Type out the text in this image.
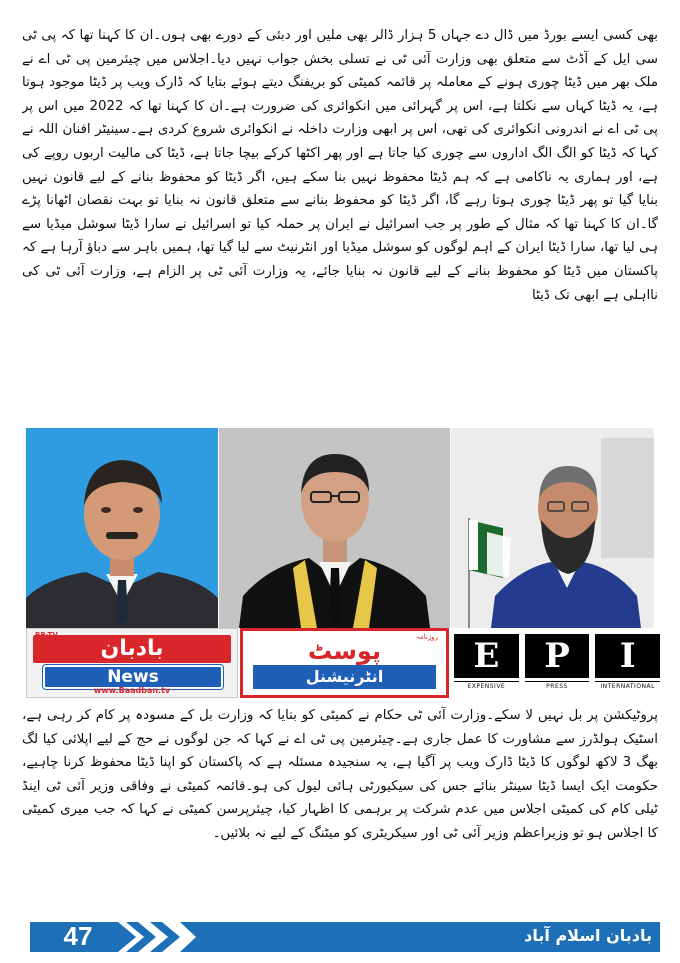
بھی کسی ایسے بورڈ میں ڈال دے جہاں 5 ہزار ڈالر بھی ملیں اور دبئی کے دورے بھی ہوں۔ان کا کہنا تھا کہ پی ٹی سی ایل کے آڈٹ سے متعلق بھی وزارت آئی ٹی نے تسلی بخش جواب نہیں دیا۔اجلاس میں چیئرمین پی ٹی اے نے ملک بھر میں ڈیٹا چوری ہونے کے معاملہ پر قائمہ کمیٹی کو بریفنگ دیتے ہوئے بتایا کہ ڈارک ویب پر ڈیٹا موجود ہوتا ہے، یہ ڈیٹا کہاں سے نکلتا ہے، اس پر گہرائی میں انکوائری کی ضرورت ہے۔ان کا کہنا تھا کہ 2022 میں اس پر پی ٹی اے نے اندرونی انکوائری کی تھی، اس پر ابھی وزارت داخلہ نے انکوائری شروع کردی ہے۔سینیٹر افنان اللہ نے کہا کہ ڈیٹا کو الگ الگ اداروں سے چوری کیا جاتا ہے اور پھر اکٹھا کرکے بیچا جاتا ہے، ڈیٹا کی مالیت اربوں روپے کی ہے، اور ہماری یہ ناکامی ہے کہ ہم ڈیٹا محفوظ نہیں بنا سکے ہیں، اگر ڈیٹا کو محفوظ بنانے کے لیے قانون نہیں بنایا گیا تو پھر ڈیٹا چوری ہوتا رہے گا، اگر ڈیٹا کو محفوظ بنانے سے متعلق قانون نہ بنایا تو بہت نقصان اٹھانا پڑے گا۔ان کا کہنا تھا کہ مثال کے طور پر جب اسرائیل نے ایران پر حملہ کیا تو اسرائیل نے سارا ڈیٹا سوشل میڈیا سے ہی لیا تھا، سارا ڈیٹا ایران کے اہم لوگوں کو سوشل میڈیا اور انٹرنیٹ سے لیا گیا تھا، ہمیں باہر سے دباؤ آرہا ہے کہ پاکستان میں ڈیٹا کو محفوظ بنانے کے لیے قانون نہ بنایا جائے، یہ وزارت آئی ٹی پر الزام ہے، وزارت آئی ٹی کی نااہلی ہے ابھی تک ڈیٹا

بادبان
News
www.Baadban.tv
روزنامہ
پوسٹ
انٹرنیشنل
E	P	I
EXPENSIVE	PRESS	INTERNATIONAL

پروٹیکشن پر بل نہیں لا سکے۔وزارت آئی ٹی حکام نے کمیٹی کو بتایا کہ وزارت بل کے مسودہ پر کام کر رہی ہے، اسٹیک ہولڈرز سے مشاورت کا عمل جاری ہے۔چیئرمین پی ٹی اے نے کہا کہ جن لوگوں نے حج کے لیے اپلائی کیا لگ بھگ 3 لاکھ لوگوں کا ڈیٹا ڈارک ویب پر آگیا ہے، یہ سنجیدہ مسئلہ ہے کہ پاکستان کو اپنا ڈیٹا محفوظ کرنا چاہیے، حکومت ایک ایسا ڈیٹا سینٹر بنائے جس کی سیکیورٹی ہائی لیول کی ہو۔قائمہ کمیٹی نے وفاقی وزیر آئی ٹی اینڈ ٹیلی کام کی کمیٹی اجلاس میں عدم شرکت پر برہمی کا اظہار کیا، چیئرپرسن کمیٹی نے کہا کہ جب میری کمیٹی کا اجلاس ہو تو وزیراعظم وزیر آئی ٹی اور سیکریٹری کو میٹنگ کے لیے نہ بلائیں۔

47	بادبان اسلام آباد
